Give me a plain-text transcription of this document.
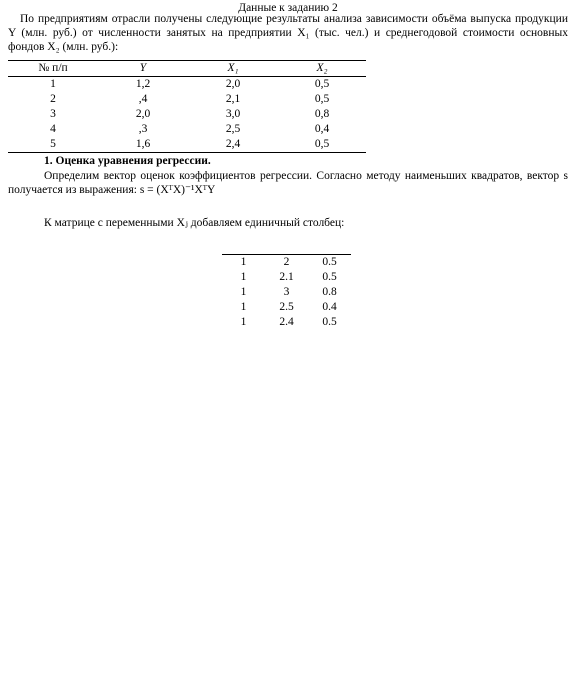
Данные к заданию 2

По предприятиям отрасли получены следующие результаты анализа зависимости объёма выпуска продукции Y (млн. руб.) от численности занятых на предприятии X₁ (тыс. чел.) и среднегодовой стоимости основных фондов X₂ (млн. руб.):

№ п/п	Y	X₁	X₂
1	1,2	2,0	0,5
2	,4	2,1	0,5
3	2,0	3,0	0,8
4	,3	2,5	0,4
5	1,6	2,4	0,5
1. Оценка уравнения регрессии.

Определим вектор оценок коэффициентов регрессии. Согласно методу наименьших квадратов, вектор s получается из выражения: s = (XᵀX)⁻¹XᵀY

К матрице с переменными Xⱼ добавляем единичный столбец:
1	2	0.5
1	2.1	0.5
1	3	0.8
1	2.5	0.4
1	2.4	0.5
